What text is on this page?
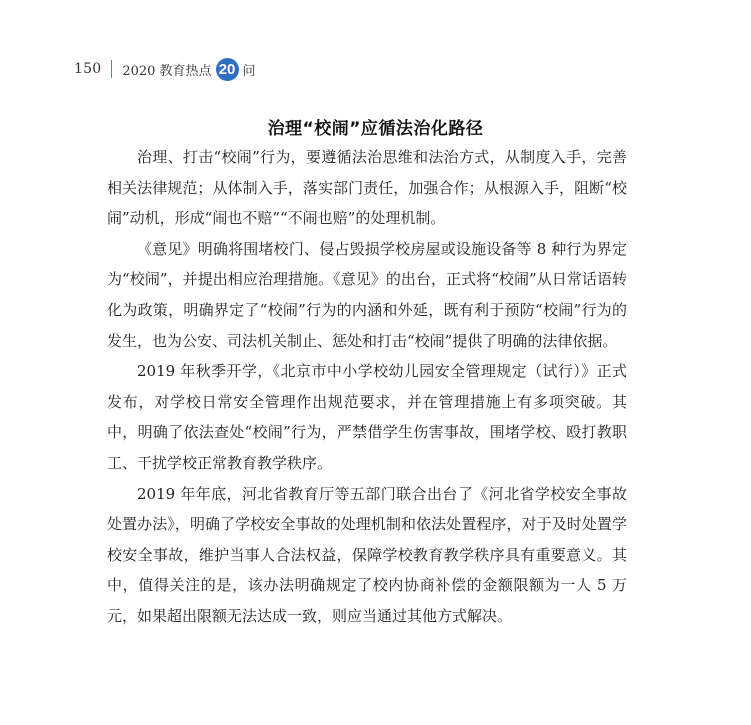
150 2020 教育热点 20 问
治理“校闹”应循法治化路径

治理、打击“校闹”行为，要遵循法治思维和法治方式，从制度入手，完善相关法律规范；从体制入手，落实部门责任，加强合作；从根源入手，阻断“校闹”动机，形成“闹也不赔”“不闹也赔”的处理机制。

《意见》明确将围堵校门、侵占毁损学校房屋或设施设备等 8 种行为界定为“校闹”，并提出相应治理措施。《意见》的出台，正式将“校闹”从日常话语转化为政策，明确界定了“校闹”行为的内涵和外延，既有利于预防“校闹”行为的发生，也为公安、司法机关制止、惩处和打击“校闹”提供了明确的法律依据。

2019 年秋季开学，《北京市中小学校幼儿园安全管理规定（试行）》正式发布，对学校日常安全管理作出规范要求，并在管理措施上有多项突破。其中，明确了依法查处“校闹”行为，严禁借学生伤害事故，围堵学校、殴打教职工、干扰学校正常教育教学秩序。

2019 年年底，河北省教育厅等五部门联合出台了《河北省学校安全事故处置办法》，明确了学校安全事故的处理机制和依法处置程序，对于及时处置学校安全事故，维护当事人合法权益，保障学校教育教学秩序具有重要意义。其中，值得关注的是，该办法明确规定了校内协商补偿的金额限额为一人 5 万元，如果超出限额无法达成一致，则应当通过其他方式解决。
